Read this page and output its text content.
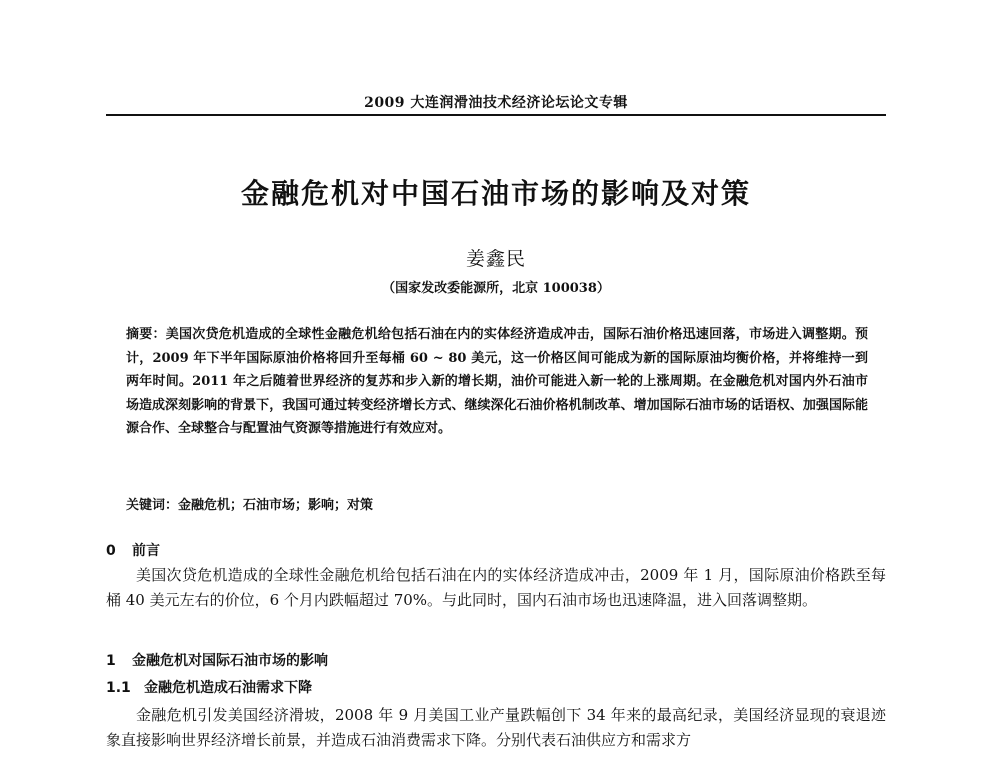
2009 大连润滑油技术经济论坛论文专辑
金融危机对中国石油市场的影响及对策
姜鑫民
（国家发改委能源所，北京 100038）
摘要：美国次贷危机造成的全球性金融危机给包括石油在内的实体经济造成冲击，国际石油价格迅速回落，市场进入调整期。预计，2009 年下半年国际原油价格将回升至每桶 60 ~ 80 美元，这一价格区间可能成为新的国际原油均衡价格，并将维持一到两年时间。2011 年之后随着世界经济的复苏和步入新的增长期，油价可能进入新一轮的上涨周期。在金融危机对国内外石油市场造成深刻影响的背景下，我国可通过转变经济增长方式、继续深化石油价格机制改革、增加国际石油市场的话语权、加强国际能源合作、全球整合与配置油气资源等措施进行有效应对。
关键词：金融危机；石油市场；影响；对策
0 前言
美国次贷危机造成的全球性金融危机给包括石油在内的实体经济造成冲击，2009 年 1 月，国际原油价格跌至每桶 40 美元左右的价位，6 个月内跌幅超过 70%。与此同时，国内石油市场也迅速降温，进入回落调整期。
1 金融危机对国际石油市场的影响
1.1 金融危机造成石油需求下降
金融危机引发美国经济滑坡，2008 年 9 月美国工业产量跌幅创下 34 年来的最高纪录，美国经济显现的衰退迹象直接影响世界经济增长前景，并造成石油消费需求下降。分别代表石油供应方和需求方
